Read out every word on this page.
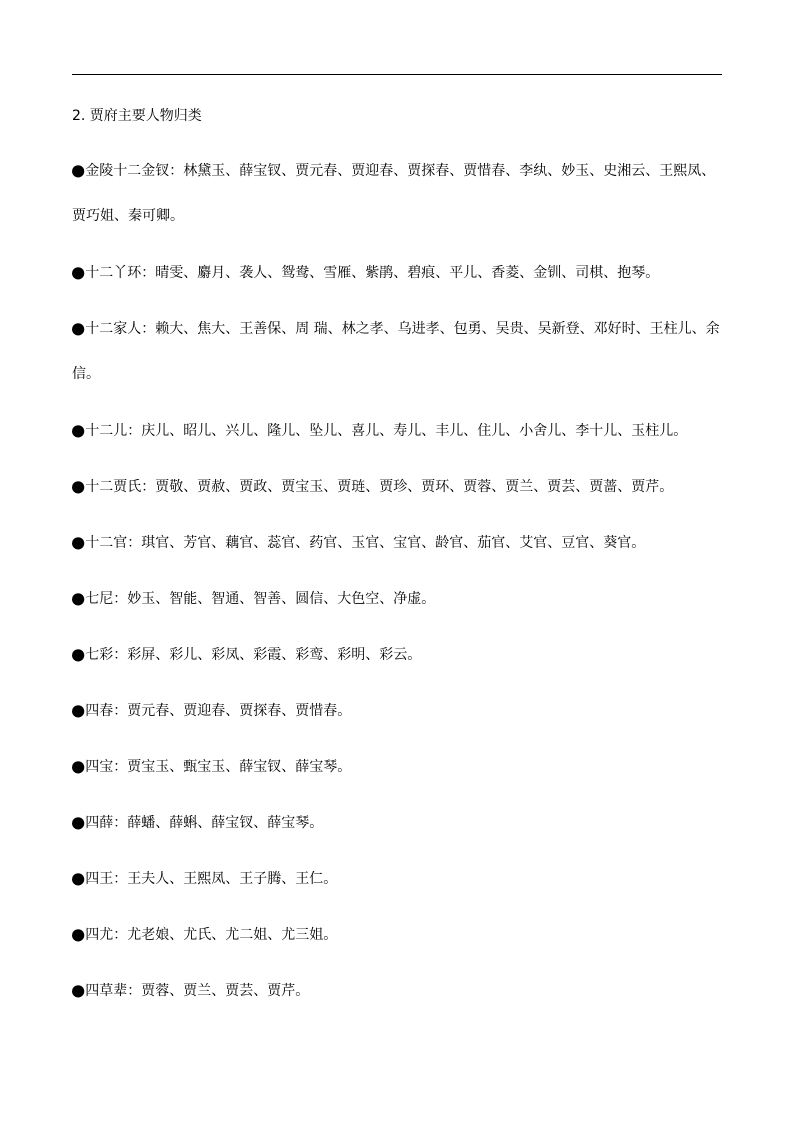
2. 贾府主要人物归类

●金陵十二金钗：林黛玉、薛宝钗、贾元春、贾迎春、贾探春、贾惜春、李纨、妙玉、史湘云、王熙凤、 贾巧姐、秦可卿。

●十二丫环：晴雯、麝月、袭人、鸳鸯、雪雁、紫鹃、碧痕、平儿、香菱、金钏、司棋、抱琴。

●十二家人：赖大、焦大、王善保、周 瑞、林之孝、乌进孝、包勇、吴贵、吴新登、邓好时、王柱儿、余信。

●十二儿：庆儿、昭儿、兴儿、隆儿、坠儿、喜儿、寿儿、丰儿、住儿、小舍儿、李十儿、玉柱儿。

●十二贾氏：贾敬、贾赦、贾政、贾宝玉、贾琏、贾珍、贾环、贾蓉、贾兰、贾芸、贾蔷、贾芹。

●十二官：琪官、芳官、藕官、蕊官、药官、玉官、宝官、龄官、茄官、艾官、豆官、葵官。

●七尼：妙玉、智能、智通、智善、圆信、大色空、净虚。

●七彩：彩屏、彩儿、彩凤、彩霞、彩鸾、彩明、彩云。

●四春：贾元春、贾迎春、贾探春、贾惜春。

●四宝：贾宝玉、甄宝玉、薛宝钗、薛宝琴。

●四薛：薛蟠、薛蝌、薛宝钗、薛宝琴。

●四王：王夫人、王熙凤、王子腾、王仁。

●四尤：尤老娘、尤氏、尤二姐、尤三姐。

●四草辈：贾蓉、贾兰、贾芸、贾芹。
